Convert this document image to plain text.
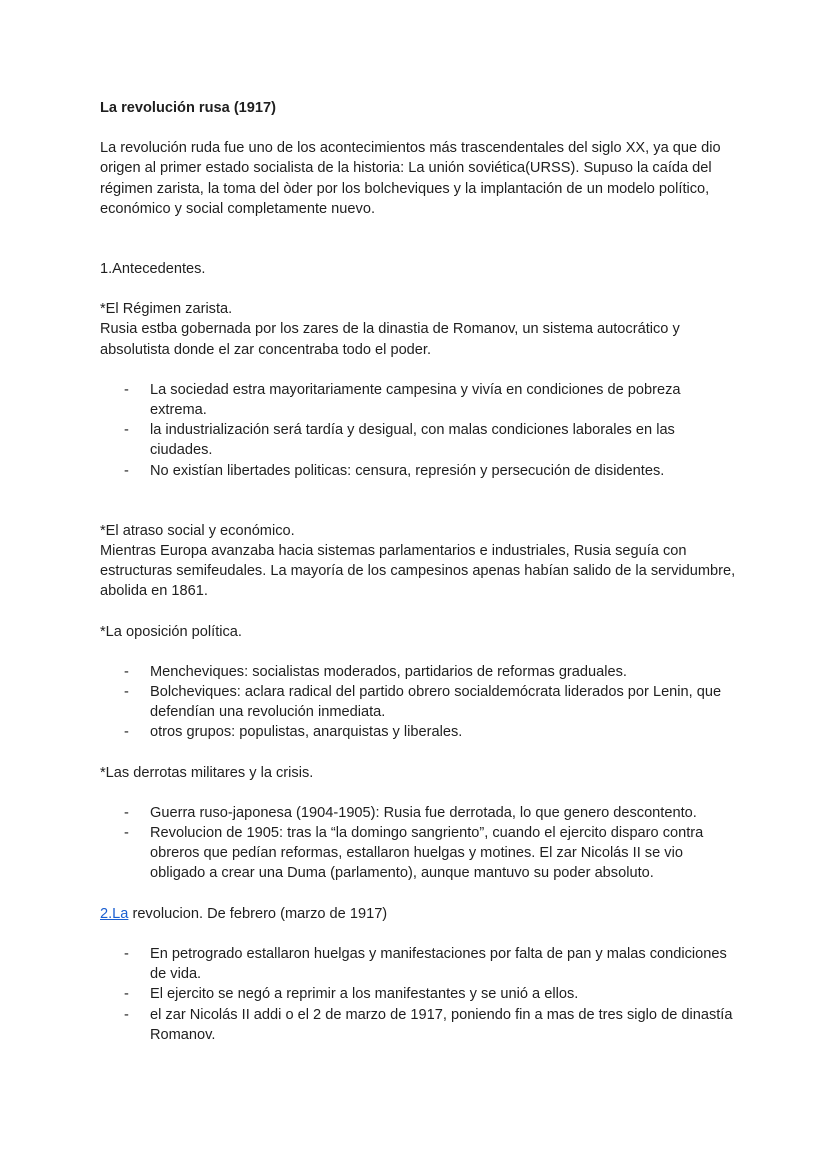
La revolución rusa (1917)

La revolución ruda fue uno de los acontecimientos más trascendentales del siglo XX, ya que dio origen al primer estado socialista de la historia: La unión soviética(URSS). Supuso la caída del régimen zarista, la toma del òder por los bolcheviques y la implantación de un modelo político, económico y social completamente nuevo.

1.Antecedentes.

*El Régimen zarista.

Rusia estba gobernada por los zares de la dinastia de Romanov, un sistema autocrático y absolutista donde el zar concentraba todo el poder.

- La sociedad estra mayoritariamente campesina y vivía en condiciones de pobreza extrema.
- la industrialización será tardía y desigual, con malas condiciones laborales en las ciudades.
- No existían libertades politicas: censura, represión y persecución de disidentes.

*El atraso social y económico.

Mientras Europa avanzaba hacia sistemas parlamentarios e industriales, Rusia seguía con estructuras semifeudales. La mayoría de los campesinos apenas habían salido de la servidumbre, abolida en 1861.

*La oposición política.

- Mencheviques: socialistas moderados, partidarios de reformas graduales.
- Bolcheviques: aclara radical del partido obrero socialdemócrata liderados por Lenin, que defendían una revolución inmediata.
- otros grupos: populistas, anarquistas y liberales.

*Las derrotas militares y la crisis.

- Guerra ruso-japonesa (1904-1905): Rusia fue derrotada, lo que genero descontento.
- Revolucion de 1905: tras la “la domingo sangriento”, cuando el ejercito disparo contra obreros que pedían reformas, estallaron huelgas y motines. El zar Nicolás II se vio obligado a crear una Duma (parlamento), aunque mantuvo su poder absoluto.

2.La revolucion. De febrero (marzo de 1917)

- En petrogrado estallaron huelgas y manifestaciones por falta de pan y malas condiciones de vida.
- El ejercito se negó a reprimir a los manifestantes y se unió a ellos.
- el zar Nicolás II addi o el 2 de marzo de 1917, poniendo fin a mas de tres siglo de dinastía Romanov.
